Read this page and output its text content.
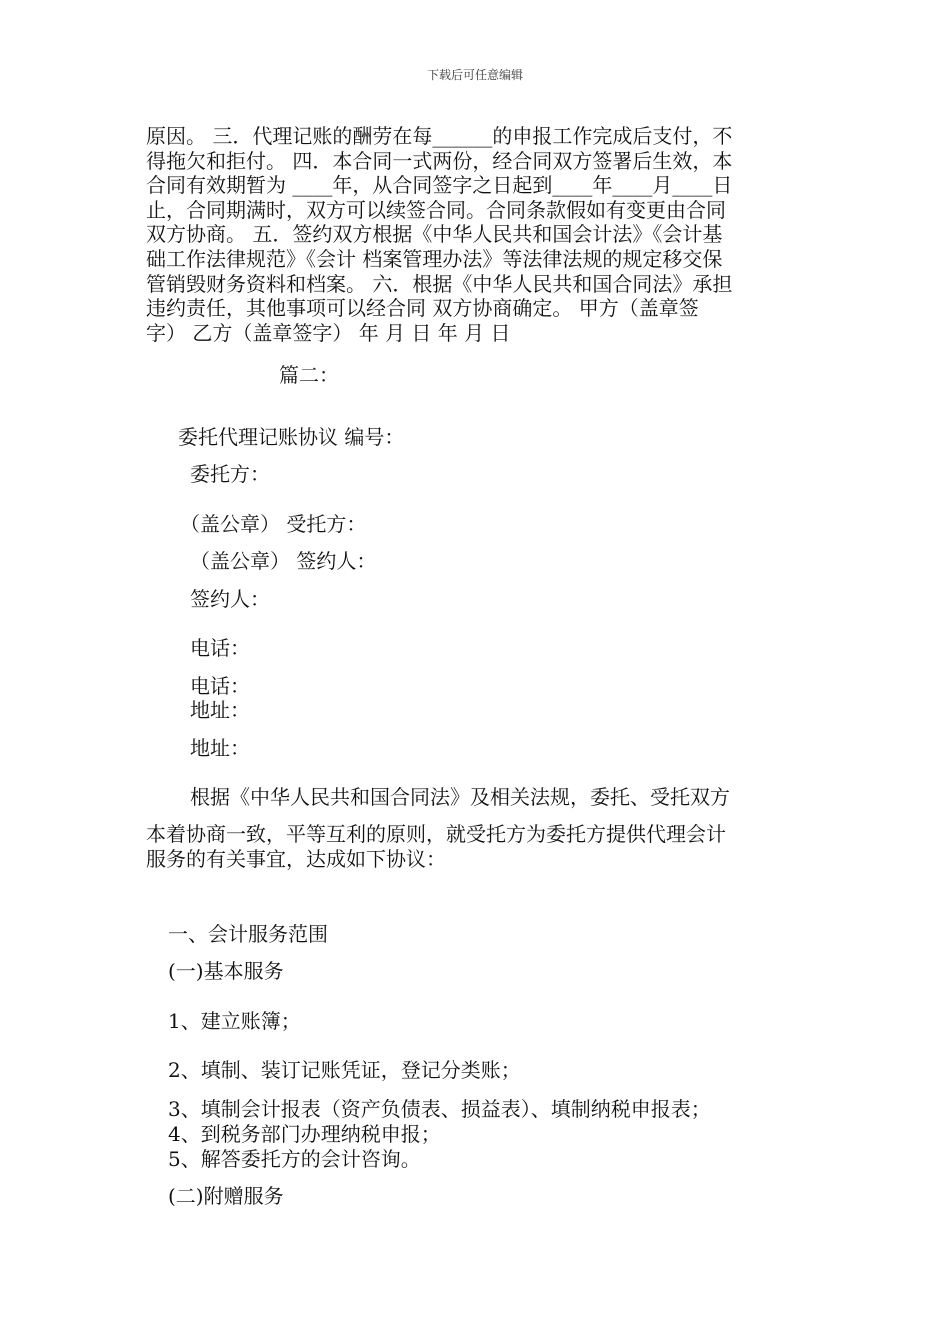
下载后可任意编辑
原因。 三．代理记账的酬劳在每______的申报工作完成后支付，不
得拖欠和拒付。 四．本合同一式两份，经合同双方签署后生效，本
合同有效期暂为 ____年，从合同签字之日起到____年____月____日
止，合同期满时，双方可以续签合同。合同条款假如有变更由合同
双方协商。 五．签约双方根据《中华人民共和国会计法》《会计基
础工作法律规范》《会计 档案管理办法》等法律法规的规定移交保
管销毁财务资料和档案。 六．根据《中华人民共和国合同法》承担
违约责任，其他事项可以经合同 双方协商确定。 甲方（盖章签
字） 乙方（盖章签字） 年 月 日 年 月 日
篇二：
委托代理记账协议 编号：
委托方：
（盖公章） 受托方：
（盖公章） 签约人：
签约人：
电话：
电话：
地址：
地址：
根据《中华人民共和国合同法》及相关法规，委托、受托双方
本着协商一致，平等互利的原则，就受托方为委托方提供代理会计
服务的有关事宜，达成如下协议：
一、会计服务范围
(一)基本服务
1、建立账簿；
2、填制、装订记账凭证，登记分类账；
3、填制会计报表（资产负债表、损益表）、填制纳税申报表；
4、到税务部门办理纳税申报；
5、解答委托方的会计咨询。
(二)附赠服务
